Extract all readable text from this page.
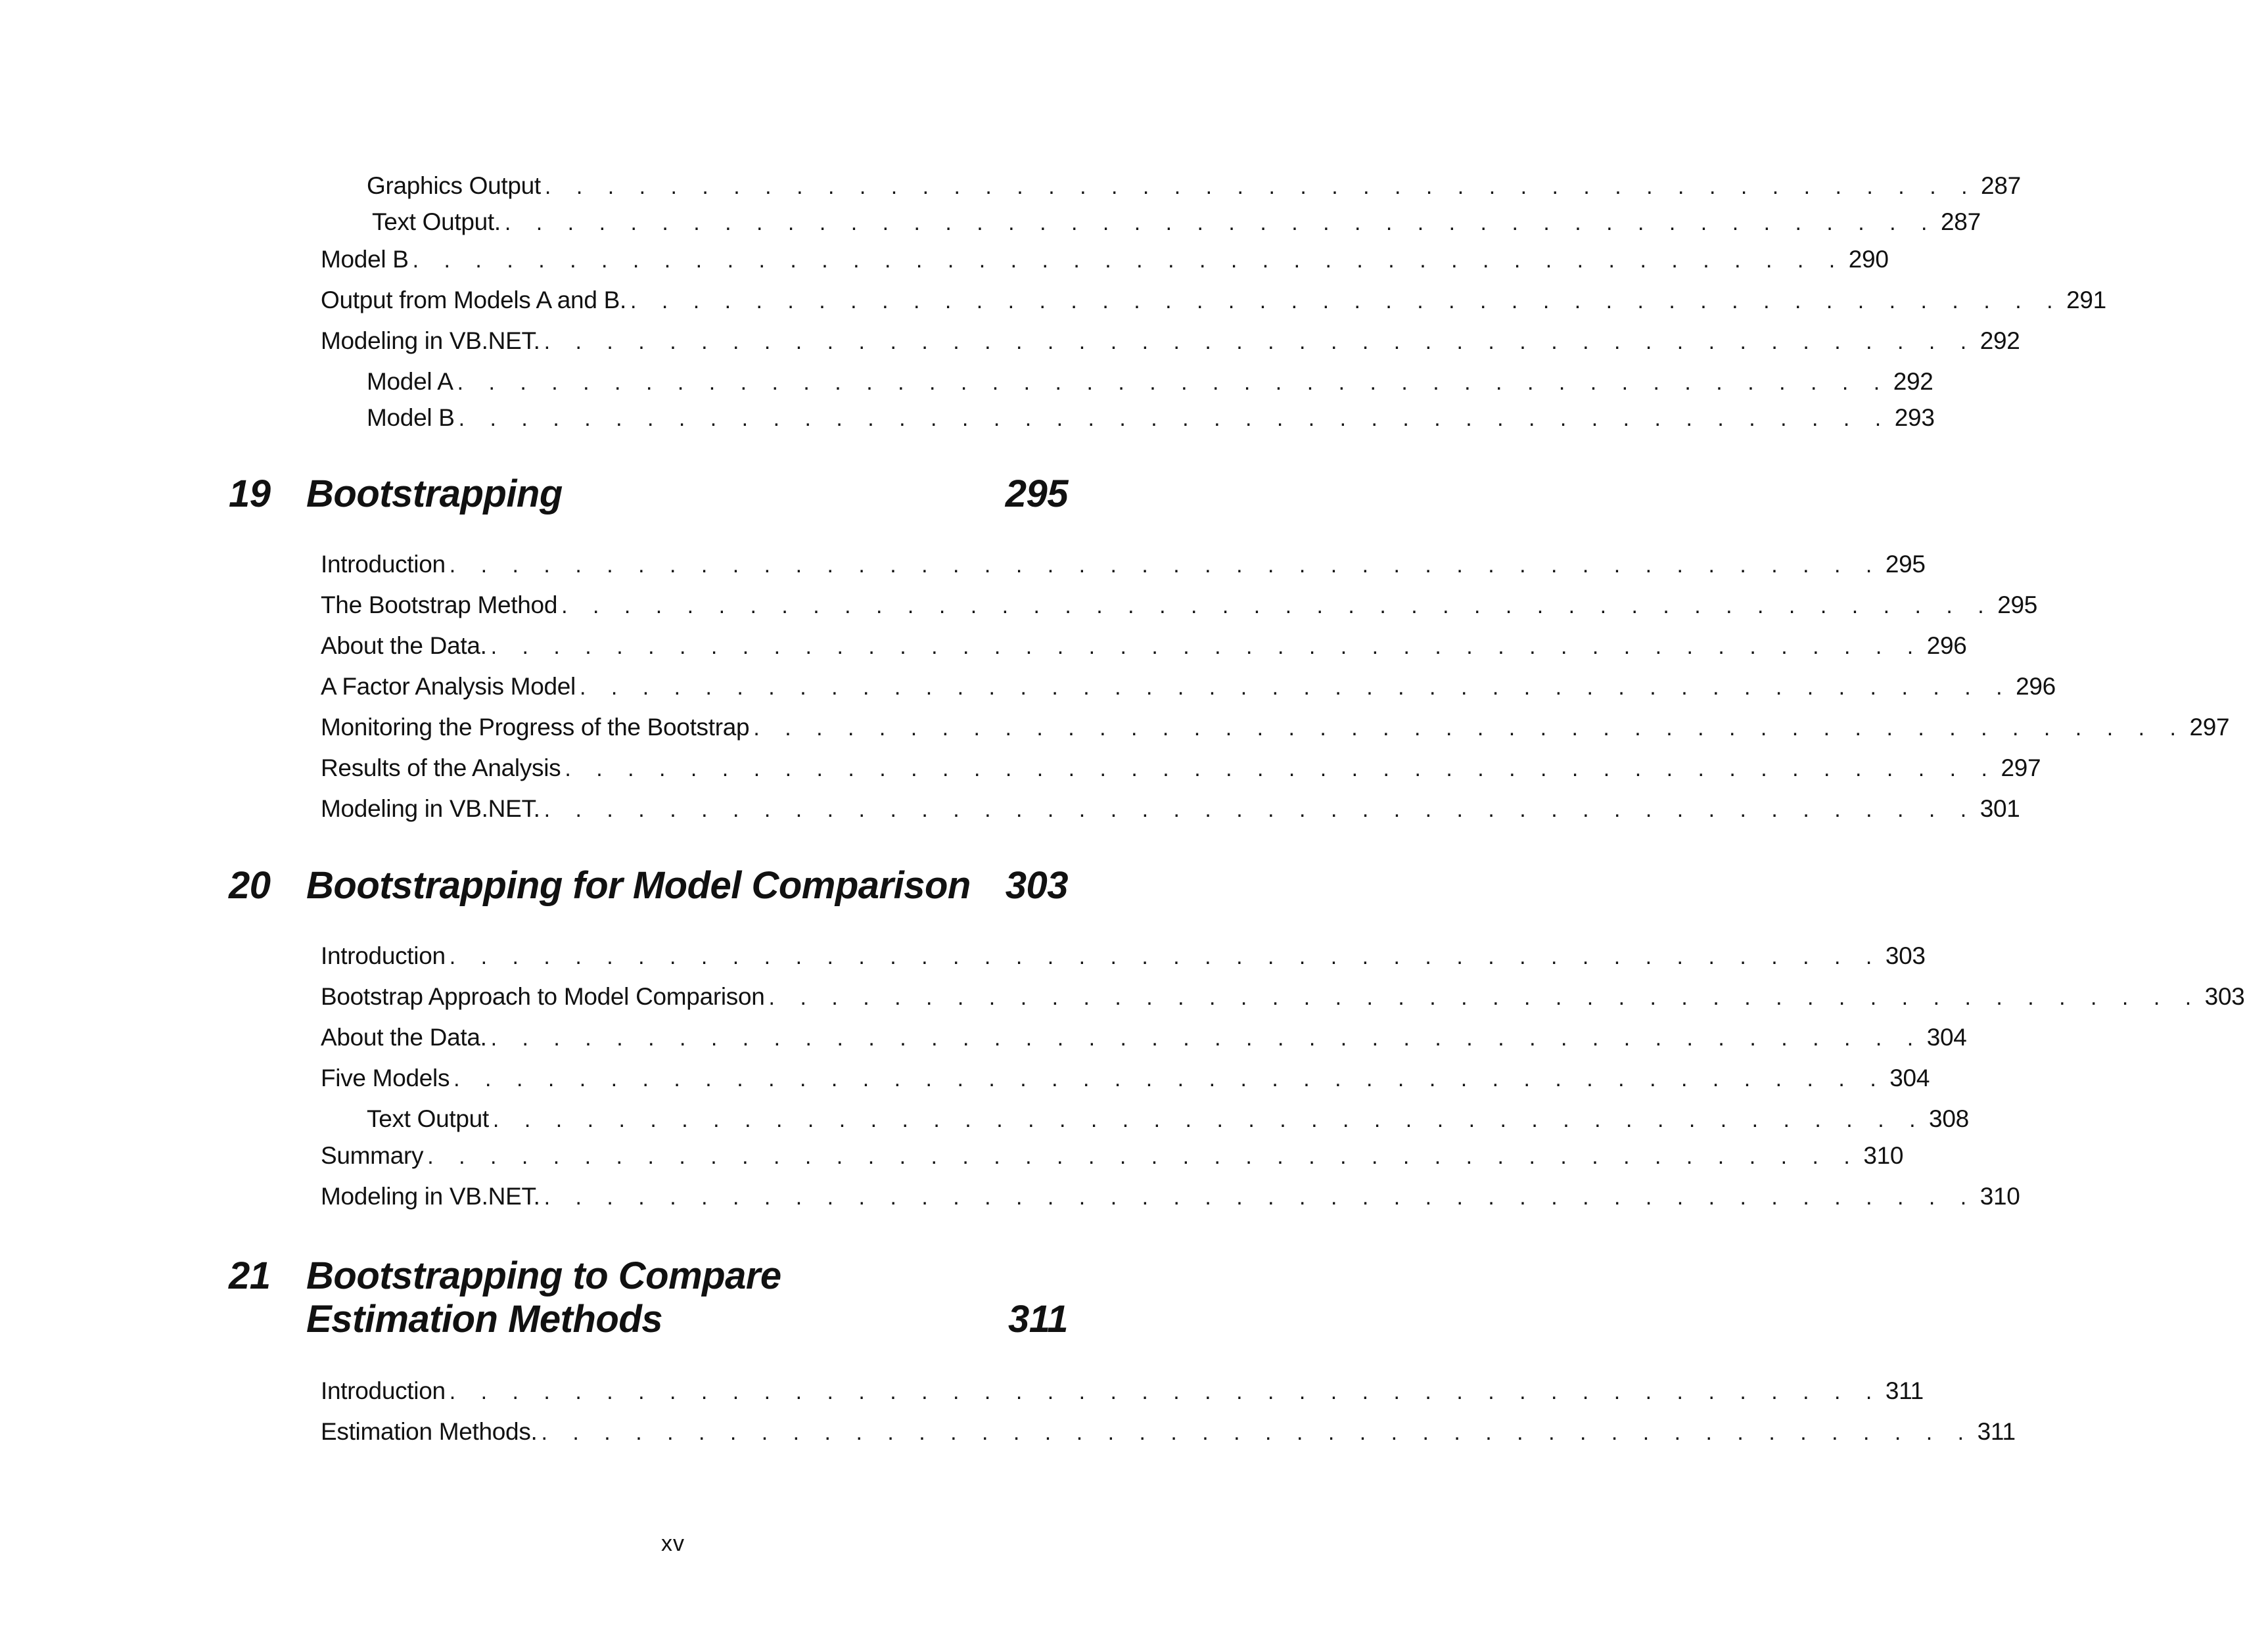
Graphics Output . . . . . . . . . . . . . . . . . . . . . . . . . . . . . . . . . . . . . . . . . . . . . . 287
Text Output. . . . . . . . . . . . . . . . . . . . . . . . . . . . . . . . . . . . . . . . . . . . . . . 287
Model B . . . . . . . . . . . . . . . . . . . . . . . . . . . . . . . . . . . . . . . . . . . . . . 290
Output from Models A and B. . . . . . . . . . . . . . . . . . . . . . . . . . . . . . . . . . . . . . . . . . . . . . . 291
Modeling in VB.NET. . . . . . . . . . . . . . . . . . . . . . . . . . . . . . . . . . . . . . . . . . . . . . . 292
Model A . . . . . . . . . . . . . . . . . . . . . . . . . . . . . . . . . . . . . . . . . . . . . . 292
Model B . . . . . . . . . . . . . . . . . . . . . . . . . . . . . . . . . . . . . . . . . . . . . . 293
19 Bootstrapping	295
Introduction . . . . . . . . . . . . . . . . . . . . . . . . . . . . . . . . . . . . . . . . . . . . . . 295
The Bootstrap Method . . . . . . . . . . . . . . . . . . . . . . . . . . . . . . . . . . . . . . . . . . . . . . 295
About the Data. . . . . . . . . . . . . . . . . . . . . . . . . . . . . . . . . . . . . . . . . . . . . . . 296
A Factor Analysis Model . . . . . . . . . . . . . . . . . . . . . . . . . . . . . . . . . . . . . . . . . . . . . . 296
Monitoring the Progress of the Bootstrap . . . . . . . . . . . . . . . . . . . . . . . . . . . . . . . . . . . . . . . . . . . . . . 297
Results of the Analysis . . . . . . . . . . . . . . . . . . . . . . . . . . . . . . . . . . . . . . . . . . . . . . 297
Modeling in VB.NET. . . . . . . . . . . . . . . . . . . . . . . . . . . . . . . . . . . . . . . . . . . . . . . 301
20 Bootstrapping for Model Comparison 303
Introduction . . . . . . . . . . . . . . . . . . . . . . . . . . . . . . . . . . . . . . . . . . . . . . 303
Bootstrap Approach to Model Comparison . . . . . . . . . . . . . . . . . . . . . . . . . . . . . . . . . . . . . . . . . . . . . . 303
About the Data. . . . . . . . . . . . . . . . . . . . . . . . . . . . . . . . . . . . . . . . . . . . . . . 304
Five Models . . . . . . . . . . . . . . . . . . . . . . . . . . . . . . . . . . . . . . . . . . . . . . 304
Text Output . . . . . . . . . . . . . . . . . . . . . . . . . . . . . . . . . . . . . . . . . . . . . . 308
Summary . . . . . . . . . . . . . . . . . . . . . . . . . . . . . . . . . . . . . . . . . . . . . . 310
Modeling in VB.NET. . . . . . . . . . . . . . . . . . . . . . . . . . . . . . . . . . . . . . . . . . . . . . . 310
21 Bootstrapping to Compare
Estimation Methods	311
Introduction . . . . . . . . . . . . . . . . . . . . . . . . . . . . . . . . . . . . . . . . . . . . . . 311
Estimation Methods. . . . . . . . . . . . . . . . . . . . . . . . . . . . . . . . . . . . . . . . . . . . . . . 311
xv
